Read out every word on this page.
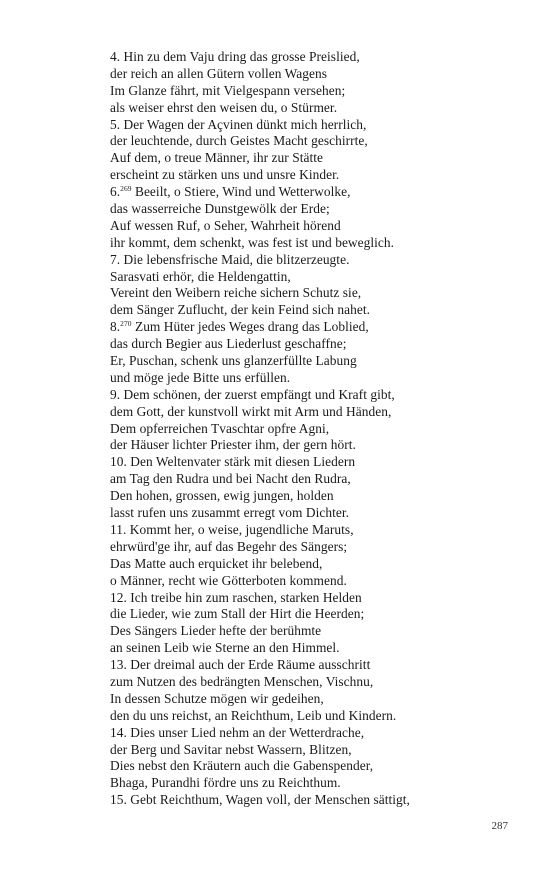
4. Hin zu dem Vaju dring das grosse Preislied,
der reich an allen Gütern vollen Wagens
Im Glanze fährt, mit Vielgespann versehen;
als weiser ehrst den weisen du, o Stürmer.
5. Der Wagen der Açvinen dünkt mich herrlich,
der leuchtende, durch Geistes Macht geschirrte,
Auf dem, o treue Männer, ihr zur Stätte
erscheint zu stärken uns und unsre Kinder.
6.$^{269}$ Beeilt, o Stiere, Wind und Wetterwolke,
das wasserreiche Dunstgewölk der Erde;
Auf wessen Ruf, o Seher, Wahrheit hörend
ihr kommt, dem schenkt, was fest ist und beweglich.
7. Die lebensfrische Maid, die blitzerzeugte.
Sarasvati erhör, die Heldengattin,
Vereint den Weibern reiche sichern Schutz sie,
dem Sänger Zuflucht, der kein Feind sich nahet.
8.$^{270}$ Zum Hüter jedes Weges drang das Loblied,
das durch Begier aus Liederlust geschaffne;
Er, Puschan, schenk uns glanzerfüllte Labung
und möge jede Bitte uns erfüllen.
9. Dem schönen, der zuerst empfängt und Kraft gibt,
dem Gott, der kunstvoll wirkt mit Arm und Händen,
Dem opferreichen Tvaschtar opfre Agni,
der Häuser lichter Priester ihm, der gern hört.
10. Den Weltenvater stärk mit diesen Liedern
am Tag den Rudra und bei Nacht den Rudra,
Den hohen, grossen, ewig jungen, holden
lasst rufen uns zusammt erregt vom Dichter.
11. Kommt her, o weise, jugendliche Maruts,
ehrwürd'ge ihr, auf das Begehr des Sängers;
Das Matte auch erquicket ihr belebend,
o Männer, recht wie Götterboten kommend.
12. Ich treibe hin zum raschen, starken Helden
die Lieder, wie zum Stall der Hirt die Heerden;
Des Sängers Lieder hefte der berühmte
an seinen Leib wie Sterne an den Himmel.
13. Der dreimal auch der Erde Räume ausschritt
zum Nutzen des bedrängten Menschen, Vischnu,
In dessen Schutze mögen wir gedeihen,
den du uns reichst, an Reichthum, Leib und Kindern.
14. Dies unser Lied nehm an der Wetterdrache,
der Berg und Savitar nebst Wassern, Blitzen,
Dies nebst den Kräutern auch die Gabenspender,
Bhaga, Purandhi fördre uns zu Reichthum.
15. Gebt Reichthum, Wagen voll, der Menschen sättigt,
287
